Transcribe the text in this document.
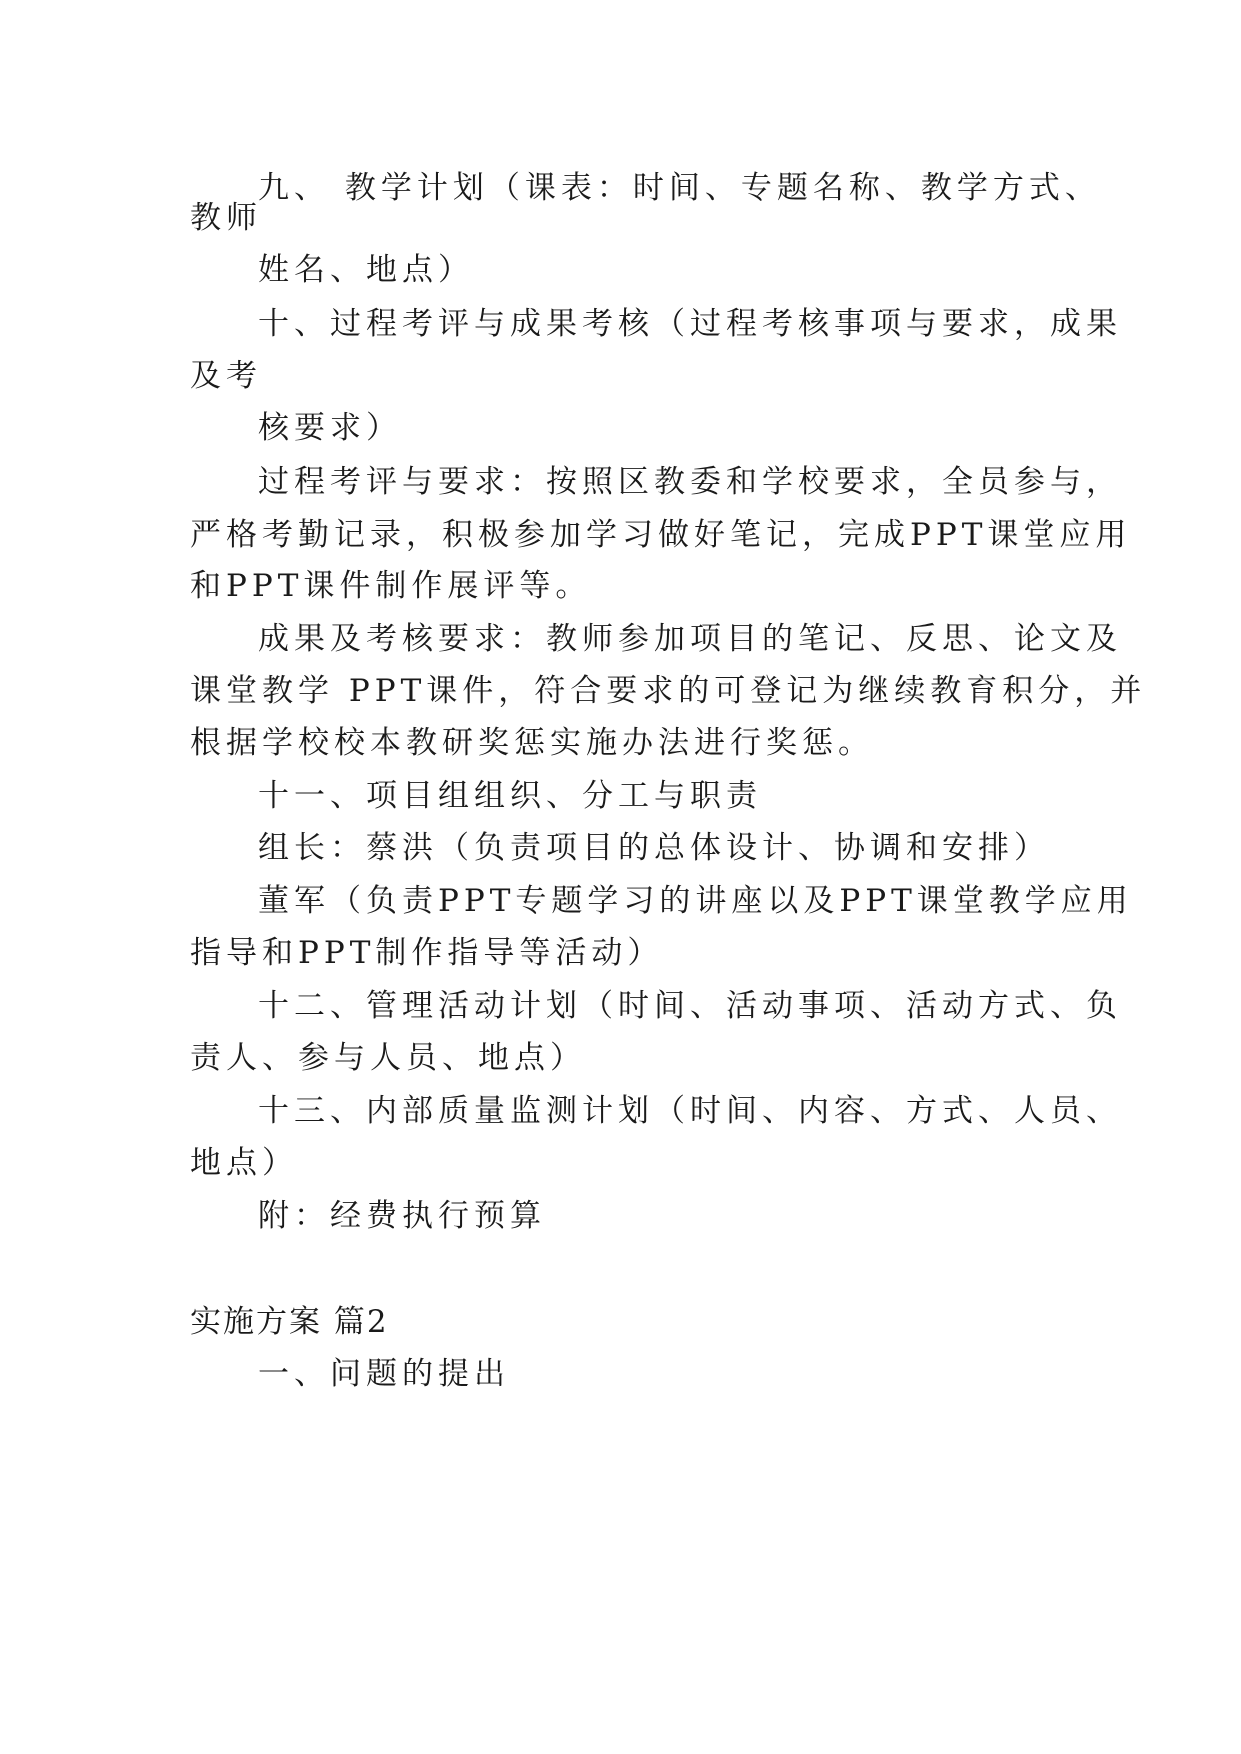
九、 教学计划（课表：时间、专题名称、教学方式、
教师
姓名、地点）
十、过程考评与成果考核（过程考核事项与要求，成果
及考
核要求）
过程考评与要求：按照区教委和学校要求，全员参与，
严格考勤记录，积极参加学习做好笔记，完成PPT课堂应用
和PPT课件制作展评等。
成果及考核要求：教师参加项目的笔记、反思、论文及
课堂教学 PPT课件，符合要求的可登记为继续教育积分，并
根据学校校本教研奖惩实施办法进行奖惩。
十一、项目组组织、分工与职责
组长：蔡洪（负责项目的总体设计、协调和安排）
董军（负责PPT专题学习的讲座以及PPT课堂教学应用
指导和PPT制作指导等活动）
十二、管理活动计划（时间、活动事项、活动方式、负
责人、参与人员、地点）
十三、内部质量监测计划（时间、内容、方式、人员、
地点）
附：经费执行预算
实施方案 篇2
一、问题的提出
